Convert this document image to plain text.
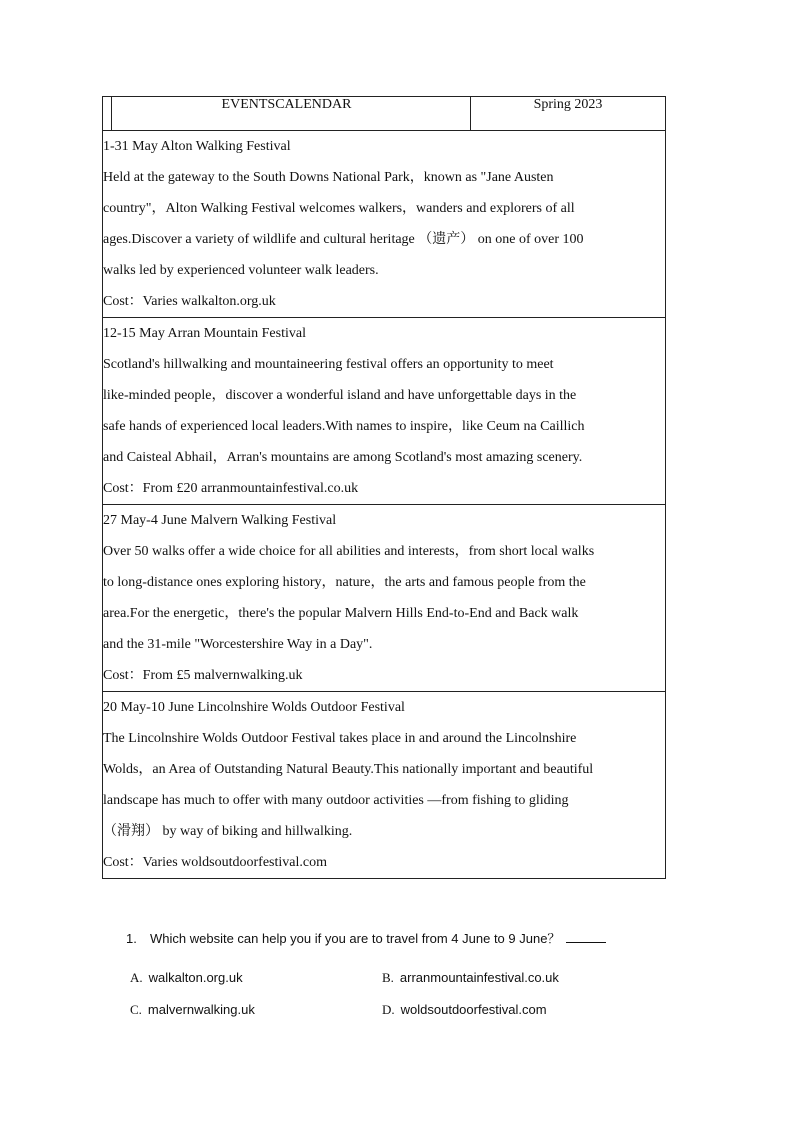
EVENTSCALENDAR	Spring 2023

1-31 May Alton Walking Festival

Held at the gateway to the South Downs National Park，known as "Jane Austen

country"，Alton Walking Festival welcomes walkers，wanders and explorers of all

ages.Discover a variety of wildlife and cultural heritage （遗产） on one of over 100

walks led by experienced volunteer walk leaders.

Cost：Varies walkalton.org.uk

12-15 May Arran Mountain Festival

Scotland's hillwalking and mountaineering festival offers an opportunity to meet

like-minded people，discover a wonderful island and have unforgettable days in the

safe hands of experienced local leaders.With names to inspire，like Ceum na Caillich

and Caisteal Abhail，Arran's mountains are among Scotland's most amazing scenery.

Cost：From £20 arranmountainfestival.co.uk

27 May-4 June Malvern Walking Festival

Over 50 walks offer a wide choice for all abilities and interests，from short local walks

to long-distance ones exploring history，nature，the arts and famous people from the

area.For the energetic，there's the popular Malvern Hills End-to-End and Back walk

and the 31-mile "Worcestershire Way in a Day".

Cost：From £5 malvernwalking.uk

20 May-10 June Lincolnshire Wolds Outdoor Festival

The Lincolnshire Wolds Outdoor Festival takes place in and around the Lincolnshire

Wolds，an Area of Outstanding Natural Beauty.This nationally important and beautiful

landscape has much to offer with many outdoor activities —from fishing to gliding

（滑翔） by way of biking and hillwalking.

Cost：Varies woldsoutdoorfestival.com

1.	Which website can help you if you are to travel from 4 June to 9 June？
A. walkalton.org.uk	B. arranmountainfestival.co.uk
C. malvernwalking.uk	D. woldsoutdoorfestival.com
